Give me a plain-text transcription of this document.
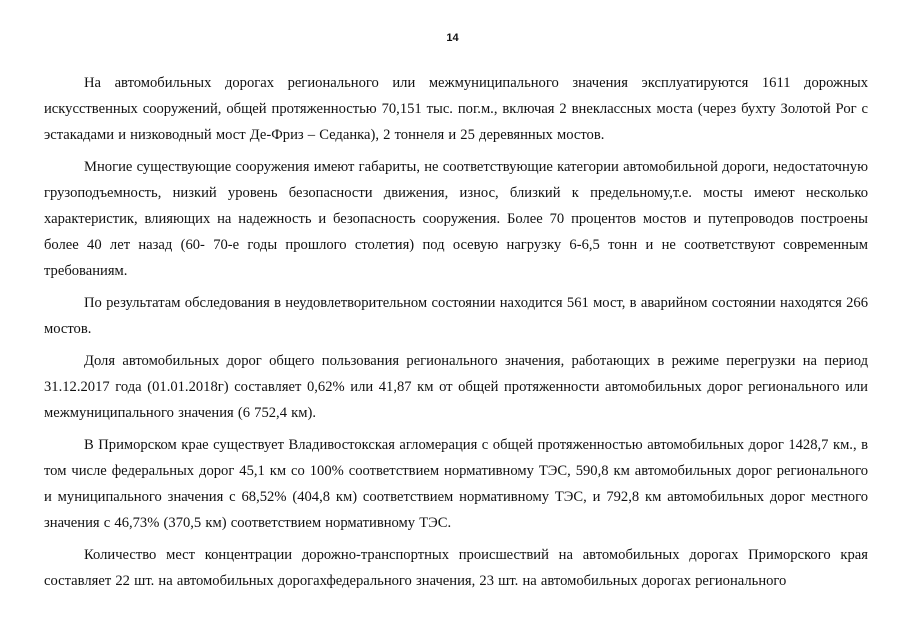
14

На автомобильных дорогах регионального или межмуниципального значения эксплуатируются 1611 дорожных искусственных сооружений, общей протяженностью 70,151 тыс. пог.м., включая 2 внеклассных моста (через бухту Золотой Рог с эстакадами и низководный мост Де-Фриз – Седанка), 2 тоннеля и 25 деревянных мостов.

Многие существующие сооружения имеют габариты, не соответствующие категории автомобильной дороги, недостаточную грузоподъемность, низкий уровень безопасности движения, износ, близкий к предельному,т.е. мосты имеют несколько характеристик, влияющих на надежность и безопасность сооружения. Более 70 процентов мостов и путепроводов построены более 40 лет назад (60- 70-е годы прошлого столетия) под осевую нагрузку 6-6,5 тонн и не соответствуют современным требованиям.

По результатам обследования в неудовлетворительном состоянии находится 561 мост, в аварийном состоянии находятся 266 мостов.

Доля автомобильных дорог общего пользования регионального значения, работающих в режиме перегрузки на период 31.12.2017 года (01.01.2018г) составляет 0,62% или 41,87 км от общей протяженности автомобильных дорог регионального или межмуниципального значения (6 752,4 км).

В Приморском крае существует Владивостокская агломерация с общей протяженностью автомобильных дорог 1428,7 км., в том числе федеральных дорог 45,1 км со 100% соответствием нормативному ТЭС, 590,8 км автомобильных дорог регионального и муниципального значения с 68,52% (404,8 км) соответствием нормативному ТЭС, и 792,8 км автомобильных дорог местного значения с 46,73% (370,5 км) соответствием нормативному ТЭС.

Количество мест концентрации дорожно-транспортных происшествий на автомобильных дорогах Приморского края составляет 22 шт. на автомобильных дорогахфедерального значения, 23 шт. на автомобильных дорогах регионального
